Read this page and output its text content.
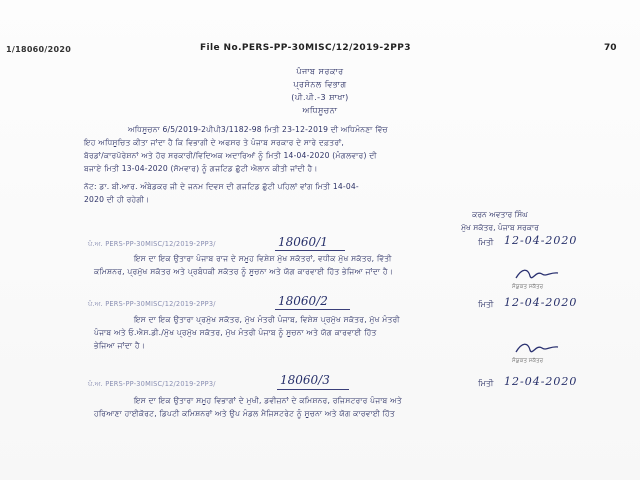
1/18060/2020	File No.PERS-PP-30MISC/12/2019-2PP3	70
ਪੰਜਾਬ ਸਰਕਾਰ
ਪ੍ਰਸੋਨਲ ਵਿਭਾਗ
(ਪੀ.ਪੀ.-3 ਸ਼ਾਖਾ)
ਅਧਿਸੂਚਨਾ
ਅਧਿਸੂਚਨਾ 6/5/2019-2ਪੀਪੀ3/1182-98 ਮਿਤੀ 23-12-2019 ਦੀ ਅਧਿਮੰਨਣਾ ਵਿੱਚ
ਇਹ ਅਧਿਸੂਚਿਤ ਕੀਤਾ ਜਾਂਦਾ ਹੈ ਕਿ ਵਿਭਾਗੀ ਦੇ ਅਫਸਰ ਤੇ ਪੰਜਾਬ ਸਰਕਾਰ ਦੇ ਸਾਰੇ ਦਫ਼ਤਰਾਂ,
ਬੋਰਡਾਂ/ਕਾਰਪੋਰੇਸ਼ਨਾਂ ਅਤੇ ਹੋਰ ਸਰਕਾਰੀ/ਵਿਦਿਅਕ ਅਦਾਰਿਆਂ ਨੂੰ ਮਿਤੀ 14-04-2020 (ਮੰਗਲਵਾਰ) ਦੀ
ਬਜਾਏ ਮਿਤੀ 13-04-2020 (ਸੋਮਵਾਰ) ਨੂੰ ਗਜਟਿਡ ਛੁੱਟੀ ਐਲਾਨ ਕੀਤੀ ਜਾਂਦੀ ਹੈ।
ਨੋਟ: ਡਾ. ਬੀ.ਆਰ. ਅੰਬੇਡਕਰ ਜੀ ਦੇ ਜਨਮ ਦਿਵਸ ਦੀ ਗਜਟਿਡ ਛੁੱਟੀ ਪਹਿਲਾਂ ਵਾਂਗ ਮਿਤੀ 14-04-
2020 ਦੀ ਹੀ ਰਹੇਗੀ।
ਕਰਨ ਅਵਤਾਰ ਸਿੰਘ
ਮੁੱਖ ਸਕੱਤਰ, ਪੰਜਾਬ ਸਰਕਾਰ
ਪੰ.ਅ. PERS-PP-30MISC/12/2019-2PP3/	18060/1	ਮਿਤੀ 12-04-2020
ਇਸ ਦਾ ਇਕ ਉਤਾਰਾ ਪੰਜਾਬ ਰਾਜ ਦੇ ਸਮੂਹ ਵਿਸ਼ੇਸ਼ ਮੁੱਖ ਸਕੱਤਰਾਂ, ਵਧੀਕ ਮੁੱਖ ਸਕੱਤਰ, ਵਿੱਤੀ
ਕਮਿਸ਼ਨਰ, ਪ੍ਰਮੁੱਖ ਸਕੱਤਰ ਅਤੇ ਪ੍ਰਬੰਧਕੀ ਸਕੱਤਰ ਨੂੰ ਸੂਚਨਾ ਅਤੇ ਯੋਗ ਕਾਰਵਾਈ ਹਿੱਤ ਭੇਜਿਆ ਜਾਂਦਾ ਹੈ।
ਸੰਯੁਕਤ ਸਕੱਤਰ
ਪੰ.ਅ. PERS-PP-30MISC/12/2019-2PP3/	18060/2	ਮਿਤੀ 12-04-2020
ਇਸ ਦਾ ਇਕ ਉਤਾਰਾ ਪ੍ਰਮੁੱਖ ਸਕੱਤਰ, ਮੁੱਖ ਮੰਤਰੀ ਪੰਜਾਬ, ਵਿਸ਼ੇਸ਼ ਪ੍ਰਮੁੱਖ ਸਕੱਤਰ, ਮੁੱਖ ਮੰਤਰੀ
ਪੰਜਾਬ ਅਤੇ ਓ.ਐਸ.ਡੀ./ਮੁੱਖ ਪ੍ਰਮੁੱਖ ਸਕੱਤਰ, ਮੁੱਖ ਮੰਤਰੀ ਪੰਜਾਬ ਨੂੰ ਸੂਚਨਾ ਅਤੇ ਯੋਗ ਕਾਰਵਾਈ ਹਿੱਤ
ਭੇਜਿਆ ਜਾਂਦਾ ਹੈ।
ਸੰਯੁਕਤ ਸਕੱਤਰ
ਪੰ.ਅ. PERS-PP-30MISC/12/2019-2PP3/	18060/3	ਮਿਤੀ 12-04-2020
ਇਸ ਦਾ ਇਕ ਉਤਾਰਾ ਸਮੂਹ ਵਿਭਾਗਾਂ ਦੇ ਮੁਖੀ, ਡਵੀਜ਼ਨਾਂ ਦੇ ਕਮਿਸ਼ਨਰ, ਰਜਿਸਟਰਾਰ ਪੰਜਾਬ ਅਤੇ
ਹਰਿਆਣਾ ਹਾਈਕੋਰਟ, ਡਿਪਟੀ ਕਮਿਸ਼ਨਰਾਂ ਅਤੇ ਉਪ ਮੰਡਲ ਮੈਜਿਸਟਰੇਟ ਨੂੰ ਸੂਚਨਾ ਅਤੇ ਯੋਗ ਕਾਰਵਾਈ ਹਿੱਤ
